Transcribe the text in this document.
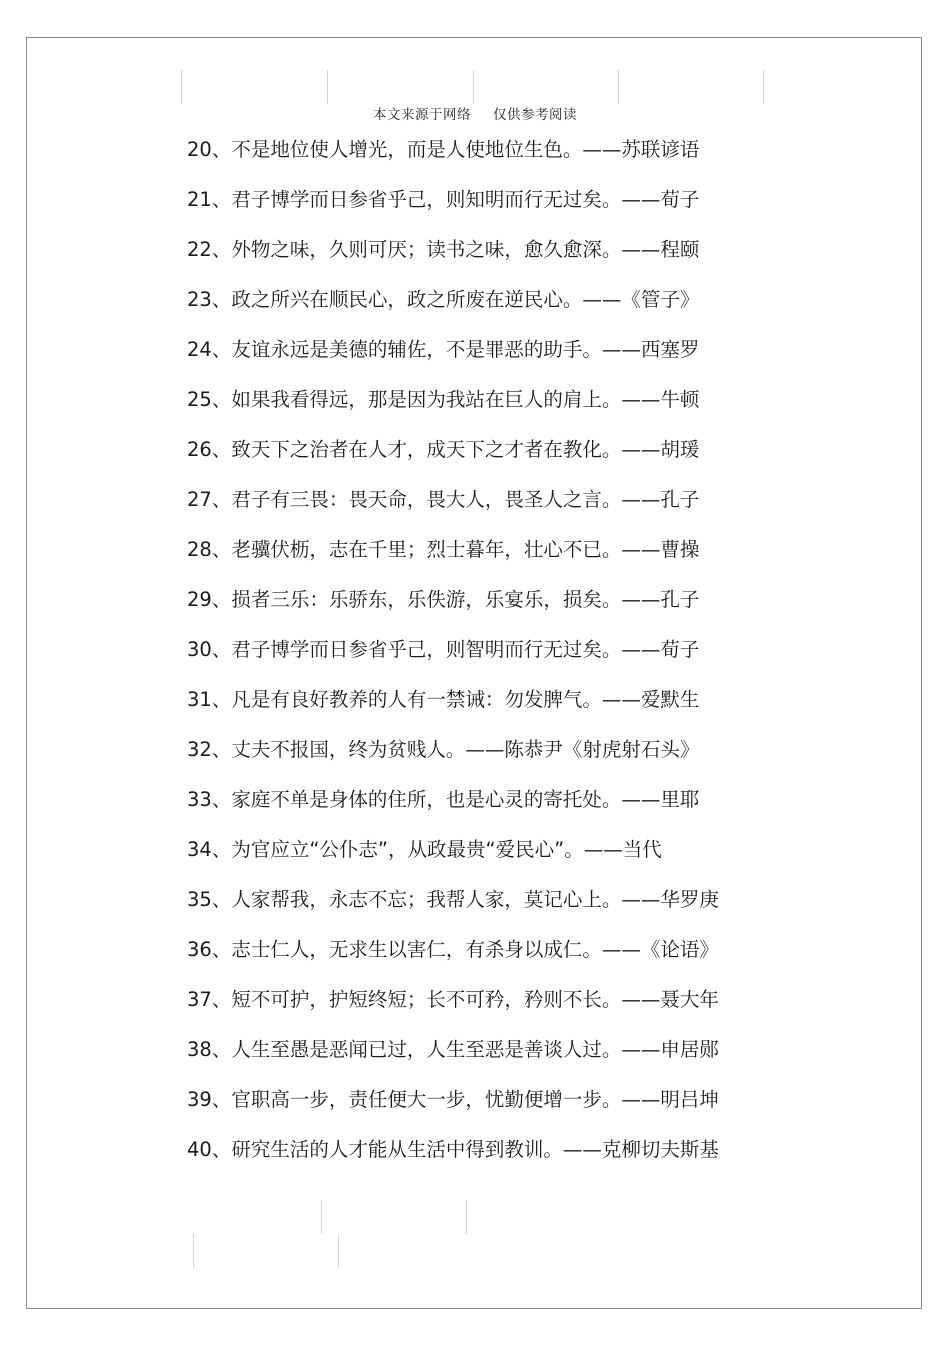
本文来源于网络 仅供参考阅读
20、不是地位使人增光，而是人使地位生色。——苏联谚语
21、君子博学而日参省乎己，则知明而行无过矣。——荀子
22、外物之味，久则可厌；读书之味，愈久愈深。——程颐
23、政之所兴在顺民心，政之所废在逆民心。——《管子》
24、友谊永远是美德的辅佐，不是罪恶的助手。——西塞罗
25、如果我看得远，那是因为我站在巨人的肩上。——牛顿
26、致天下之治者在人才，成天下之才者在教化。——胡瑗
27、君子有三畏：畏天命，畏大人，畏圣人之言。——孔子
28、老骥伏枥，志在千里；烈士暮年，壮心不已。——曹操
29、损者三乐：乐骄东，乐佚游，乐宴乐，损矣。——孔子
30、君子博学而日参省乎己，则智明而行无过矣。——荀子
31、凡是有良好教养的人有一禁诫：勿发脾气。——爱默生
32、丈夫不报国，终为贫贱人。——陈恭尹《射虎射石头》
33、家庭不单是身体的住所，也是心灵的寄托处。——里耶
34、为官应立“公仆志”，从政最贵“爱民心”。——当代
35、人家帮我，永志不忘；我帮人家，莫记心上。——华罗庚
36、志士仁人，无求生以害仁，有杀身以成仁。——《论语》
37、短不可护，护短终短；长不可矜，矜则不长。——聂大年
38、人生至愚是恶闻已过，人生至恶是善谈人过。——申居郧
39、官职高一步，责任便大一步，忧勤便增一步。——明吕坤
40、研究生活的人才能从生活中得到教训。——克柳切夫斯基
